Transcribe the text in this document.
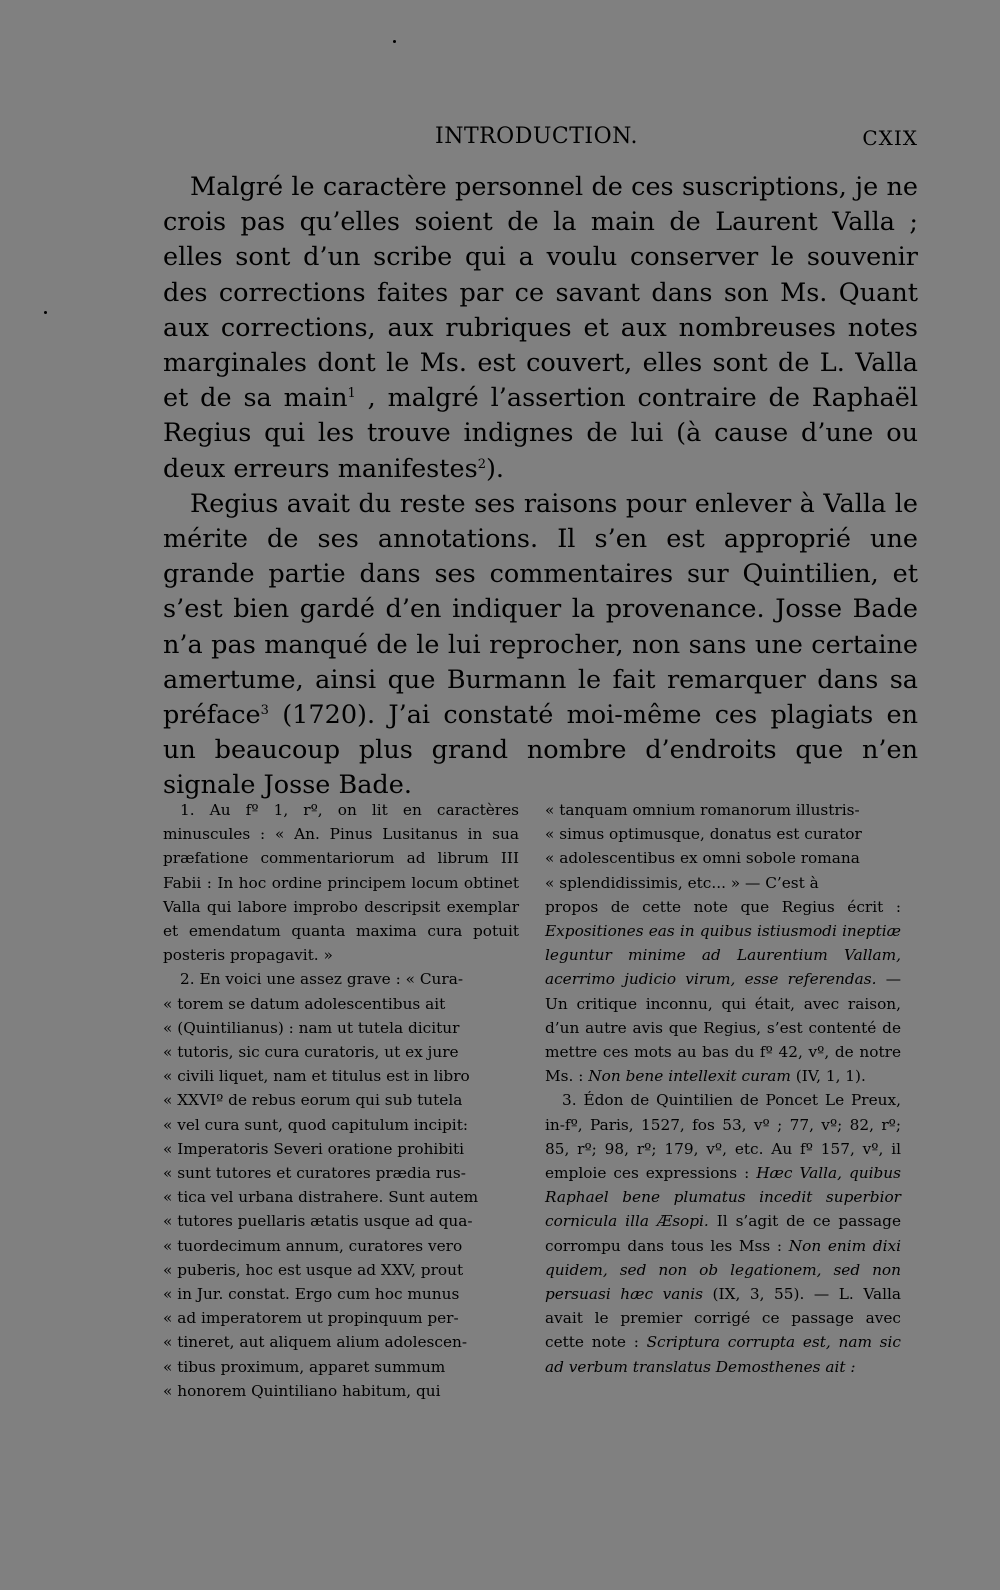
INTRODUCTION.	CXIX

Malgré le caractère personnel de ces suscriptions, je ne crois pas qu’elles soient de la main de Laurent Valla ; elles sont d’un scribe qui a voulu conserver le souvenir des corrections faites par ce savant dans son Ms. Quant aux corrections, aux rubriques et aux nombreuses notes marginales dont le Ms. est couvert, elles sont de L. Valla et de sa main$^1$ , malgré l’assertion contraire de Raphaël Regius qui les trouve indignes de lui (à cause d’une ou deux erreurs manifestes$^2$).

Regius avait du reste ses raisons pour enlever à Valla le mérite de ses annotations. Il s’en est approprié une grande partie dans ses commentaires sur Quintilien, et s’est bien gardé d’en indiquer la provenance. Josse Bade n’a pas manqué de le lui reprocher, non sans une certaine amertume, ainsi que Burmann le fait remarquer dans sa préface$^3$ (1720). J’ai constaté moi-même ces plagiats en un beaucoup plus grand nombre d’endroits que n’en signale Josse Bade.

1. Au fº 1, rº, on lit en caractères minuscules : « An. Pinus Lusitanus in sua præfatione commentariorum ad librum III Fabii : In hoc ordine principem locum obtinet Valla qui labore improbo descripsit exemplar et emendatum quanta maxima cura potuit posteris propagavit. »

2. En voici une assez grave : « Cura-
« torem se datum adolescentibus ait
« (Quintilianus) : nam ut tutela dicitur
« tutoris, sic cura curatoris, ut ex jure
« civili liquet, nam et titulus est in libro
« XXVIº de rebus eorum qui sub tutela
« vel cura sunt, quod capitulum incipit:
« Imperatoris Severi oratione prohibiti
« sunt tutores et curatores prædia rus-
« tica vel urbana distrahere. Sunt autem
« tutores puellaris ætatis usque ad qua-
« tuordecimum annum, curatores vero
« puberis, hoc est usque ad XXV, prout
« in Jur. constat. Ergo cum hoc munus
« ad imperatorem ut propinquum per-
« tineret, aut aliquem alium adolescen-
« tibus proximum, apparet summum
« honorem Quintiliano habitum, qui

« tanquam omnium romanorum illustris-
« simus optimusque, donatus est curator
« adolescentibus ex omni sobole romana
« splendidissimis, etc... » — C’est à
propos de cette note que Regius écrit : Expositiones eas in quibus istiusmodi ineptiæ leguntur minime ad Laurentium Vallam, acerrimo judicio virum, esse referendas. — Un critique inconnu, qui était, avec raison, d’un autre avis que Regius, s’est contenté de mettre ces mots au bas du fº 42, vº, de notre Ms. : Non bene intellexit curam (IV, 1, 1).

3. Édon de Quintilien de Poncet Le Preux, in-fº, Paris, 1527, fos 53, vº ; 77, vº; 82, rº; 85, rº; 98, rº; 179, vº, etc. Au fº 157, vº, il emploie ces expressions : Hæc Valla, quibus Raphael bene plumatus incedit superbior cornicula illa Æsopi. Il s’agit de ce passage corrompu dans tous les Mss : Non enim dixi quidem, sed non ob legationem, sed non persuasi hæc vanis (IX, 3, 55). — L. Valla avait le premier corrigé ce passage avec cette note : Scriptura corrupta est, nam sic ad verbum translatus Demosthenes ait :
